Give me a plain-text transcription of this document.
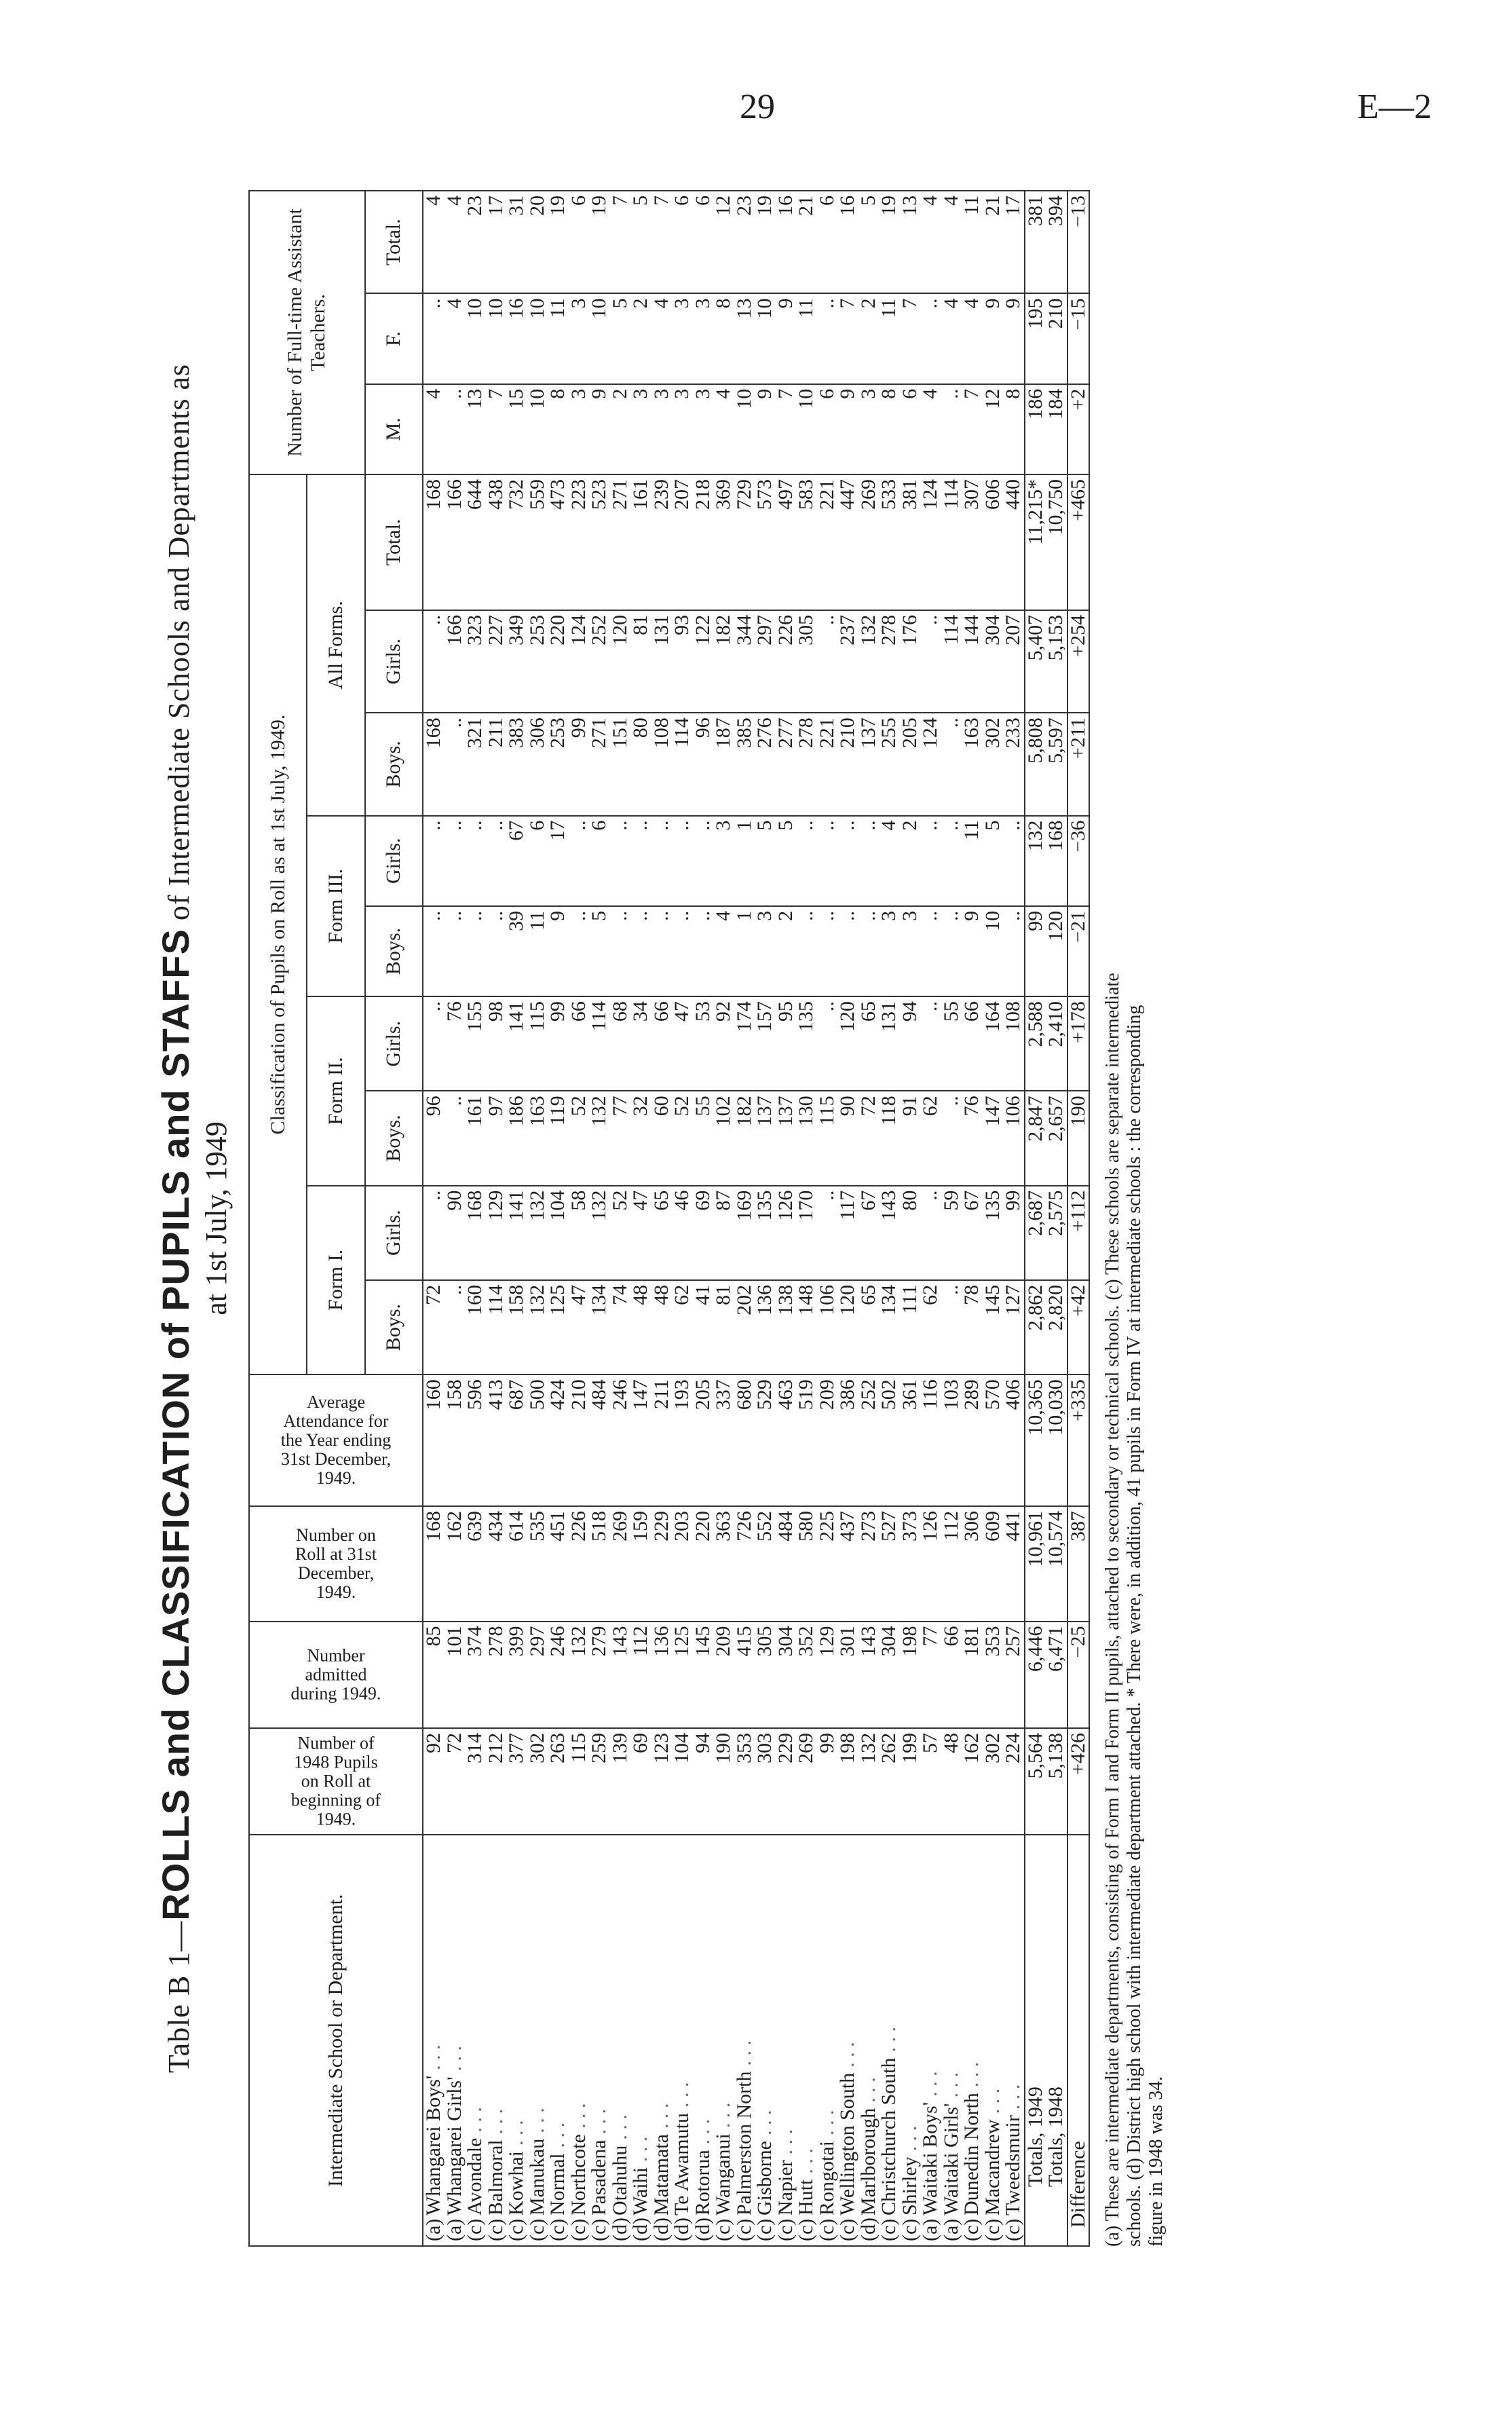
29	E—2
Table B 1—ROLLS and CLASSIFICATION of PUPILS and STAFFS of Intermediate Schools and Departments as
at 1st July, 1949
Intermediate School or Department.	Number of 1948 Pupils on Roll at beginning of 1949.	Number admitted during 1949.	Number on Roll at 31st December, 1949.	Average Attendance for the Year ending 31st December, 1949.	Classification of Pupils on Roll as at 1st July, 1949.									Number of Full-time Assistant Teachers.		
					Form I.		Form II.		Form III.		All Forms.					
					Boys.	Girls.	Boys.	Girls.	Boys.	Girls.	Boys.	Girls.	Total.	M.	F.	Total.
(a)Whangarei Boys'. . .	92	85	168	160	72	..	96	..	..	..	168	..	168	4	..	4
(a)Whangarei Girls'. . .	72	101	162	158	..	90	..	76	..	..	..	166	166	..	4	4
(c)Avondale. . .	314	374	639	596	160	168	161	155	..	..	321	323	644	13	10	23
(c)Balmoral. . .	212	278	434	413	114	129	97	98	..	..	211	227	438	7	10	17
(c)Kowhai. . .	377	399	614	687	158	141	186	141	39	67	383	349	732	15	16	31
(c)Manukau. . .	302	297	535	500	132	132	163	115	11	6	306	253	559	10	10	20
(c)Normal. . .	263	246	451	424	125	104	119	99	9	17	253	220	473	8	11	19
(c)Northcote. . .	115	132	226	210	47	58	52	66	..	..	99	124	223	3	3	6
(c)Pasadena. . .	259	279	518	484	134	132	132	114	5	6	271	252	523	9	10	19
(d)Otahuhu. . .	139	143	269	246	74	52	77	68	..	..	151	120	271	2	5	7
(d)Waihi. . .	69	112	159	147	48	47	32	34	..	..	80	81	161	3	2	5
(d)Matamata. . .	123	136	229	211	48	65	60	66	..	..	108	131	239	3	4	7
(d)Te Awamutu. . .	104	125	203	193	62	46	52	47	..	..	114	93	207	3	3	6
(d)Rotorua. . .	94	145	220	205	41	69	55	53	..	..	96	122	218	3	3	6
(c)Wanganui. . .	190	209	363	337	81	87	102	92	4	3	187	182	369	4	8	12
(c)Palmerston North. . .	353	415	726	680	202	169	182	174	1	1	385	344	729	10	13	23
(c)Gisborne. . .	303	305	552	529	136	135	137	157	3	5	276	297	573	9	10	19
(c)Napier. . .	229	304	484	463	138	126	137	95	2	5	277	226	497	7	9	16
(c)Hutt. . .	269	352	580	519	148	170	130	135	..	..	278	305	583	10	11	21
(c)Rongotai. . .	99	129	225	209	106	..	115	..	..	..	221	..	221	6	..	6
(c)Wellington South. . .	198	301	437	386	120	117	90	120	..	..	210	237	447	9	7	16
(d)Marlborough. . .	132	143	273	252	65	67	72	65	..	..	137	132	269	3	2	5
(c)Christchurch South. . .	262	304	527	502	134	143	118	131	3	4	255	278	533	8	11	19
(c)Shirley. . .	199	198	373	361	111	80	91	94	3	2	205	176	381	6	7	13
(a)Waitaki Boys'. . .	57	77	126	116	62	..	62	..	..	..	124	..	124	4	..	4
(a)Waitaki Girls'. . .	48	66	112	103	..	59	..	55	..	..	..	114	114	..	4	4
(c)Dunedin North. . .	162	181	306	289	78	67	76	66	9	11	163	144	307	7	4	11
(c)Macandrew. . .	302	353	609	570	145	135	147	164	10	5	302	304	606	12	9	21
(c)Tweedsmuir. . .	224	257	441	406	127	99	106	108	..	..	233	207	440	8	9	17
Totals, 1949	5,564	6,446	10,961	10,365	2,862	2,687	2,847	2,588	99	132	5,808	5,407	11,215*	186	195	381
Totals, 1948	5,138	6,471	10,574	10,030	2,820	2,575	2,657	2,410	120	168	5,597	5,153	10,750	184	210	394
Difference	+426	−25	387	+335	+42	+112	190	+178	−21	−36	+211	+254	+465	+2	−15	−13

(a) These are intermediate departments, consisting of Form I and Form II pupils, attached to secondary or technical schools. (c) These schools are separate intermediate schools. (d) District high school with intermediate department attached. * There were, in addition, 41 pupils in Form IV at intermediate schools : the corresponding figure in 1948 was 34.
